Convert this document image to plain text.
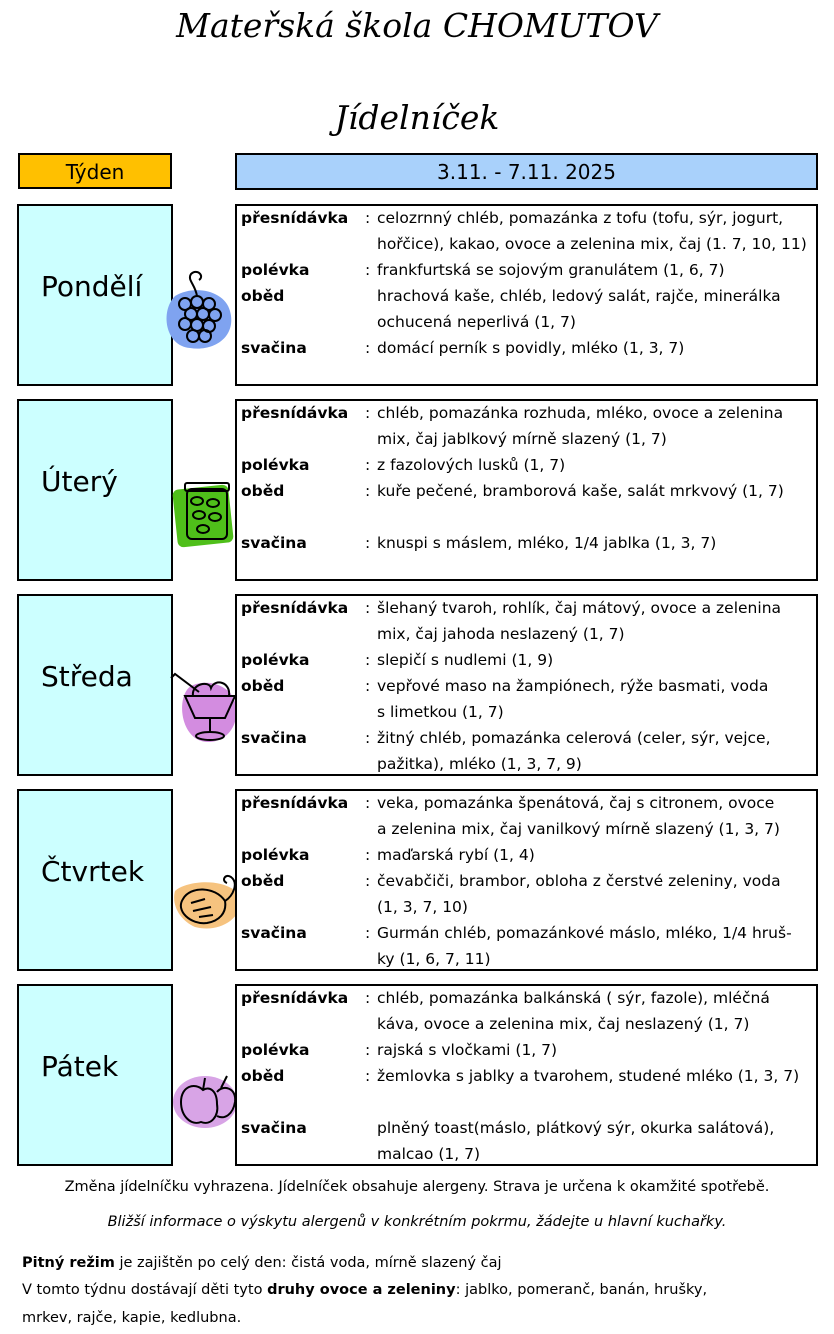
Mateřská škola CHOMUTOV
Jídelníček
Týden	3.11. - 7.11. 2025
Pondělí
přesnídávka : celozrnný chléb, pomazánka z tofu (tofu, sýr, jogurt,
hořčice), kakao, ovoce a zelenina mix, čaj (1. 7, 10, 11)
polévka	: frankfurtská se sojovým granulátem (1, 6, 7)
oběd	hrachová kaše, chléb, ledový salát, rajče, minerálka
ochucená neperlivá (1, 7)
svačina	: domácí perník s povidly, mléko (1, 3, 7)
Úterý
přesnídávka : chléb, pomazánka rozhuda, mléko, ovoce a zelenina
mix, čaj jablkový mírně slazený (1, 7)
polévka	: z fazolových lusků (1, 7)
oběd	: kuře pečené, bramborová kaše, salát mrkvový (1, 7)
svačina	: knuspi s máslem, mléko, 1/4 jablka (1, 3, 7)
Středa
přesnídávka : šlehaný tvaroh, rohlík, čaj mátový, ovoce a zelenina
mix, čaj jahoda neslazený (1, 7)
polévka	: slepičí s nudlemi (1, 9)
oběd	: vepřové maso na žampiónech, rýže basmati, voda
s limetkou (1, 7)
svačina	: žitný chléb, pomazánka celerová (celer, sýr, vejce,
pažitka), mléko (1, 3, 7, 9)
Čtvrtek
přesnídávka : veka, pomazánka špenátová, čaj s citronem, ovoce
a zelenina mix, čaj vanilkový mírně slazený (1, 3, 7)
polévka	: maďarská rybí (1, 4)
oběd	: čevabčiči, brambor, obloha z čerstvé zeleniny, voda
(1, 3, 7, 10)
svačina	: Gurmán chléb, pomazánkové máslo, mléko, 1/4 hruš-
ky (1, 6, 7, 11)
Pátek
přesnídávka : chléb, pomazánka balkánská ( sýr, fazole), mléčná
káva, ovoce a zelenina mix, čaj neslazený (1, 7)
polévka	: rajská s vločkami (1, 7)
oběd	: žemlovka s jablky a tvarohem, studené mléko (1, 3, 7)
svačina	plněný toast(máslo, plátkový sýr, okurka salátová),
malcao (1, 7)
Změna jídelníčku vyhrazena. Jídelníček obsahuje alergeny. Strava je určena k okamžité spotřebě.
Bližší informace o výskytu alergenů v konkrétním pokrmu, žádejte u hlavní kuchařky.
Pitný režim je zajištěn po celý den: čistá voda, mírně slazený čaj
V tomto týdnu dostávají děti tyto druhy ovoce a zeleniny: jablko, pomeranč, banán, hrušky,
mrkev, rajče, kapie, kedlubna.
